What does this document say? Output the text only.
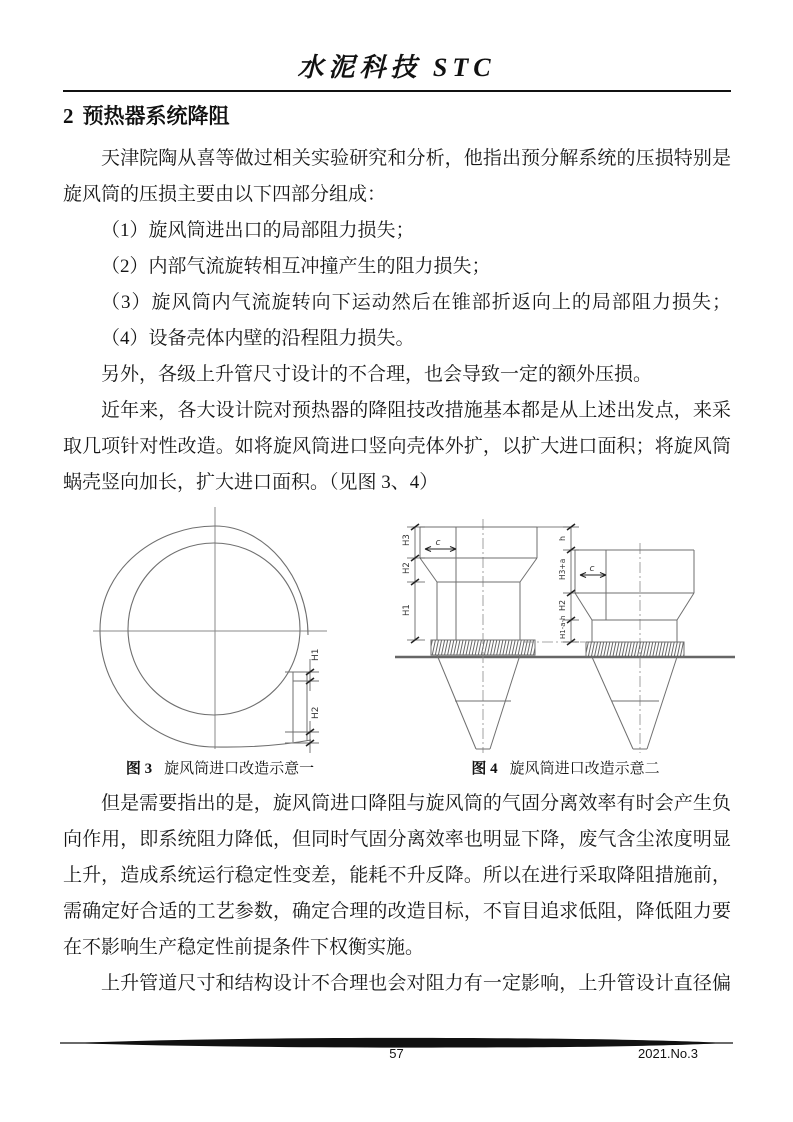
水泥科技 STC
2 预热器系统降阻
天津院陶从喜等做过相关实验研究和分析，他指出预分解系统的压损特别是
旋风筒的压损主要由以下四部分组成：
（1）旋风筒进出口的局部阻力损失；
（2）内部气流旋转相互冲撞产生的阻力损失；
（3）旋风筒内气流旋转向下运动然后在锥部折返向上的局部阻力损失；
（4）设备壳体内壁的沿程阻力损失。
另外，各级上升管尺寸设计的不合理，也会导致一定的额外压损。
近年来，各大设计院对预热器的降阻技改措施基本都是从上述出发点，来采
取几项针对性改造。如将旋风筒进口竖向壳体外扩，以扩大进口面积；将旋风筒
蜗壳竖向加长，扩大进口面积。（见图 3、4）
H1
H2
H3
H2
H1
c	h
H3+a
H2
H1-a-h
c
图 3 旋风筒进口改造示意一	图 4 旋风筒进口改造示意二
但是需要指出的是，旋风筒进口降阻与旋风筒的气固分离效率有时会产生负
向作用，即系统阻力降低，但同时气固分离效率也明显下降，废气含尘浓度明显
上升，造成系统运行稳定性变差，能耗不升反降。所以在进行采取降阻措施前，
需确定好合适的工艺参数，确定合理的改造目标，不盲目追求低阻，降低阻力要
在不影响生产稳定性前提条件下权衡实施。
上升管道尺寸和结构设计不合理也会对阻力有一定影响，上升管设计直径偏
57	2021.No.3
